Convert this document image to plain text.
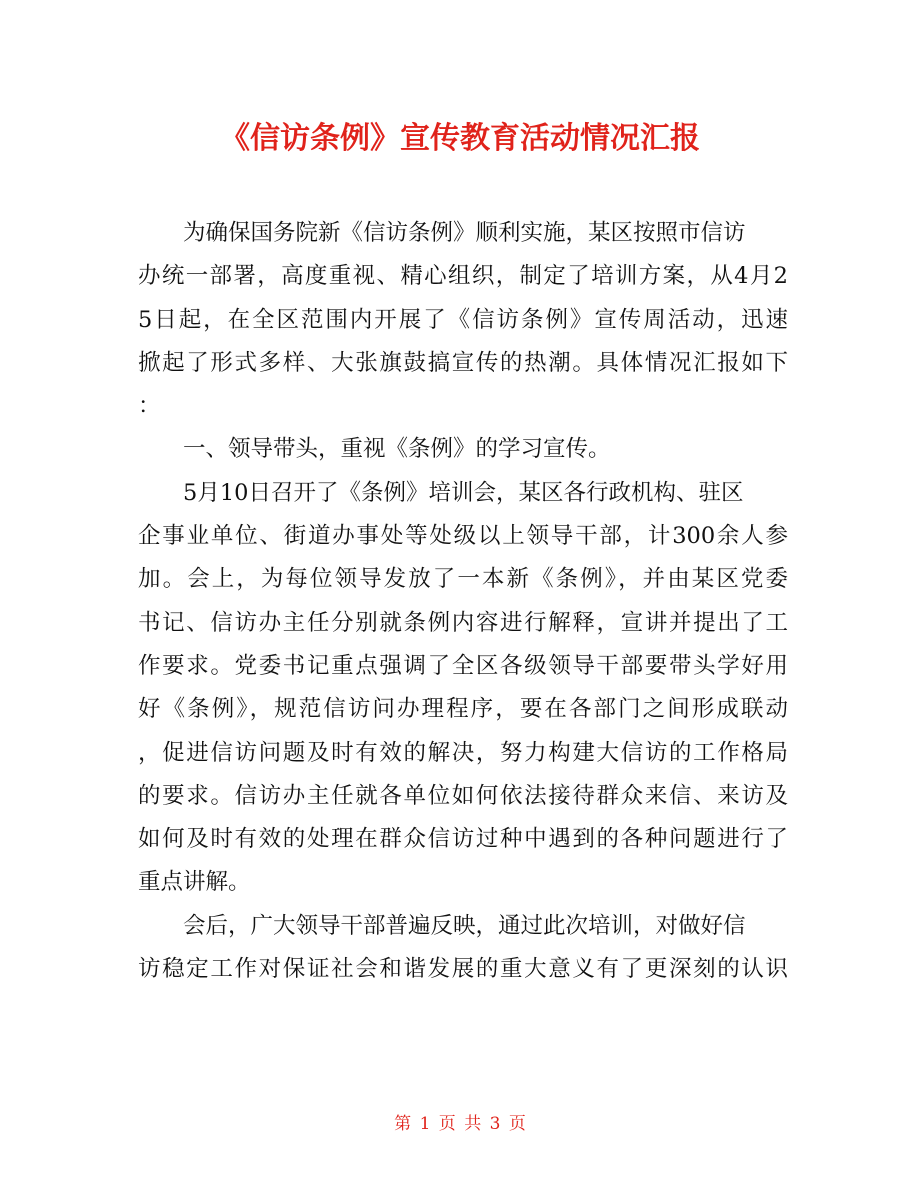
《信访条例》宣传教育活动情况汇报
为确保国务院新《信访条例》顺利实施，某区按照市信访
办统一部署，高度重视、精心组织，制定了培训方案，从4月2
5日起，在全区范围内开展了《信访条例》宣传周活动，迅速
掀起了形式多样、大张旗鼓搞宣传的热潮。具体情况汇报如下
：
一、领导带头，重视《条例》的学习宣传。
5月10日召开了《条例》培训会，某区各行政机构、驻区
企事业单位、街道办事处等处级以上领导干部，计300余人参
加。会上，为每位领导发放了一本新《条例》，并由某区党委
书记、信访办主任分别就条例内容进行解释，宣讲并提出了工
作要求。党委书记重点强调了全区各级领导干部要带头学好用
好《条例》，规范信访问办理程序，要在各部门之间形成联动
，促进信访问题及时有效的解决，努力构建大信访的工作格局
的要求。信访办主任就各单位如何依法接待群众来信、来访及
如何及时有效的处理在群众信访过种中遇到的各种问题进行了
重点讲解。
会后，广大领导干部普遍反映，通过此次培训，对做好信
访稳定工作对保证社会和谐发展的重大意义有了更深刻的认识
第 1 页 共 3 页
